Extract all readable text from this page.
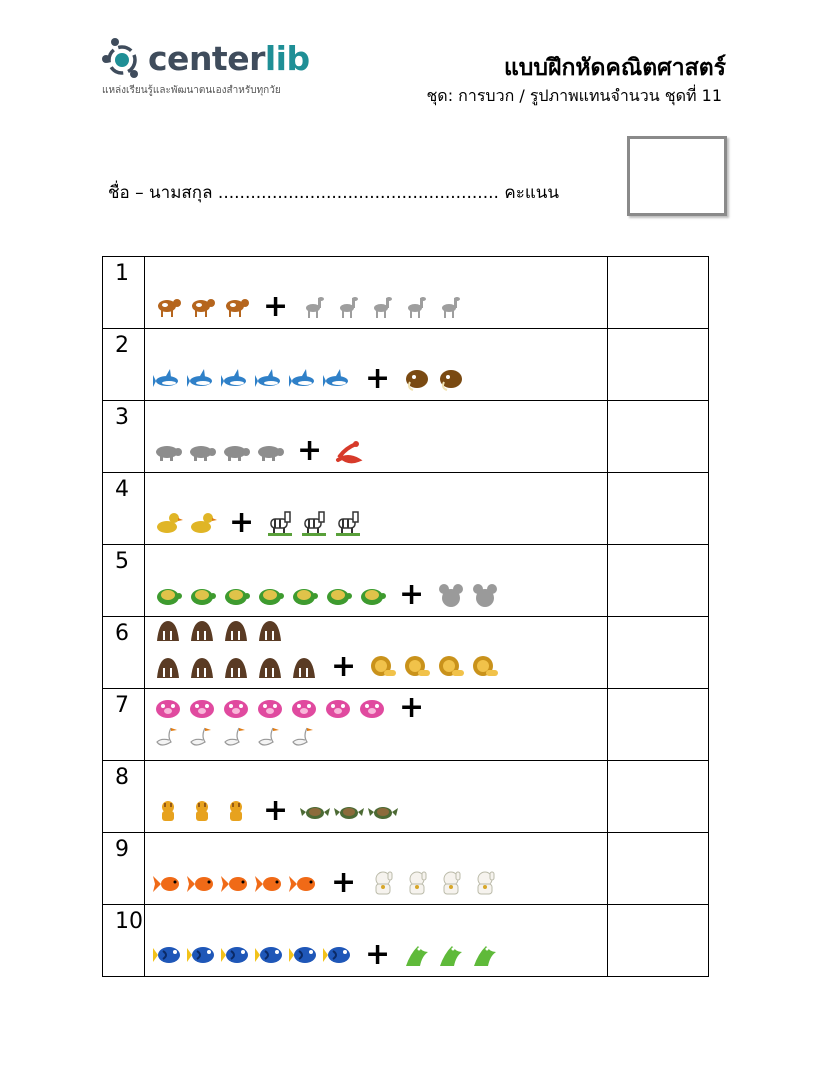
centerlib
แหล่งเรียนรู้และพัฒนาตนเองสำหรับทุกวัย
แบบฝึกหัดคณิตศาสตร์
ชุด: การบวก / รูปภาพแทนจำนวน ชุดที่ 11
ชื่อ – นามสกุล .................................................... คะแนน
1	+	

2	+	

3	+	

4	+	

5	+	

6	+	

7	+	

8	+	

9	+	

10	+	
